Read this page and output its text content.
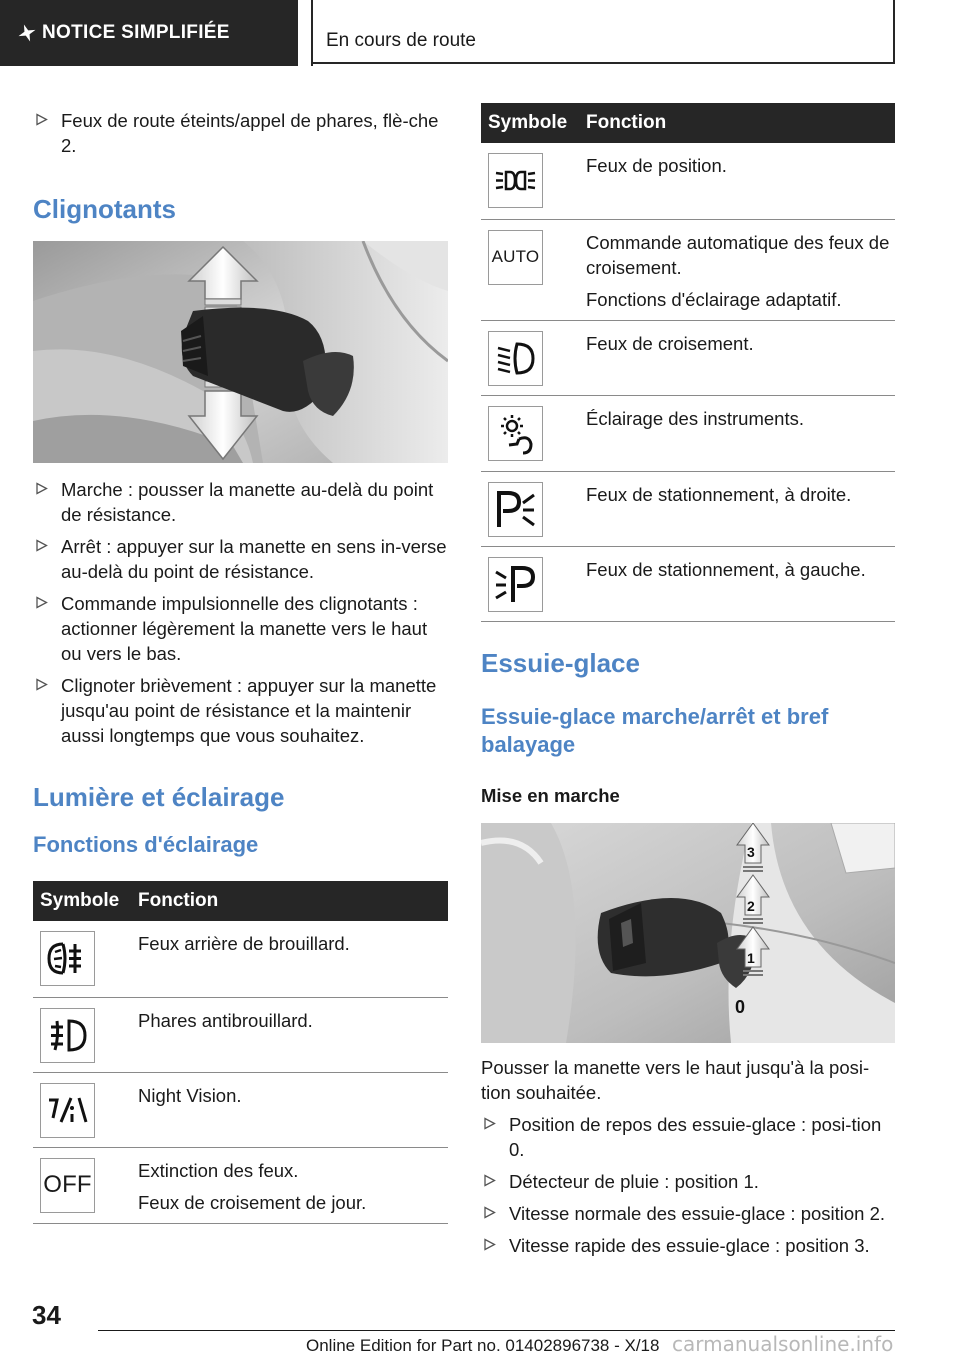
NOTICE SIMPLIFIÉE	En cours de route
Feux de route éteints/appel de phares, flè-che 2.
Clignotants
Marche : pousser la manette au-delà du point de résistance.
Arrêt : appuyer sur la manette en sens in-verse au-delà du point de résistance.
Commande impulsionnelle des clignotants : actionner légèrement la manette vers le haut ou vers le bas.
Clignoter brièvement : appuyer sur la manette jusqu'au point de résistance et la maintenir aussi longtemps que vous souhaitez.
Lumière et éclairage
Fonctions d'éclairage
Symbole	Fonction

Feux arrière de brouillard.

Phares antibrouillard.

Night Vision.

OFF	Extinction des feux.
Feux de croisement de jour.
Symbole	Fonction

Feux de position.

AUTO	Commande automatique des feux de croisement.
Fonctions d'éclairage adaptatif.

Feux de croisement.

Éclairage des instruments.

Feux de stationnement, à droite.

Feux de stationnement, à gauche.
Essuie-glace
Essuie-glace marche/arrêt et bref balayage
Mise en marche
3
2
1
0

Pousser la manette vers le haut jusqu'à la posi-tion souhaitée.

Position de repos des essuie-glace : posi-tion 0.
Détecteur de pluie : position 1.
Vitesse normale des essuie-glace : position 2.
Vitesse rapide des essuie-glace : position 3.
34
Online Edition for Part no. 01402896738 - X/18 carmanualsonline.info
